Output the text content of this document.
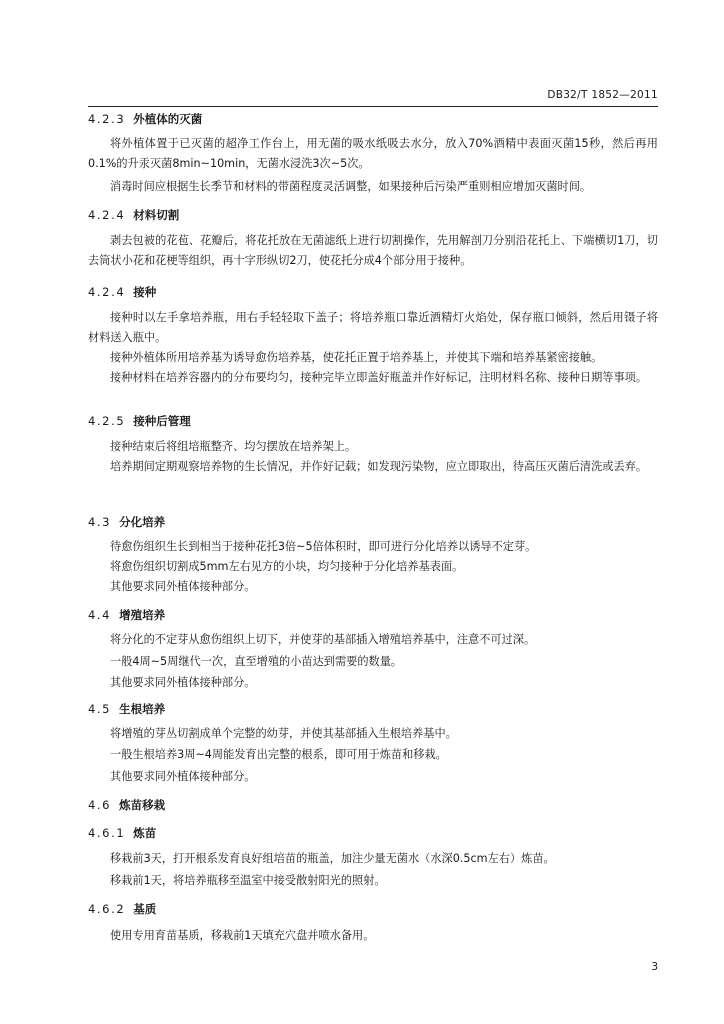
DB32/T 1852—2011
4.2.3 外植体的灭菌

将外植体置于已灭菌的超净工作台上，用无菌的吸水纸吸去水分，放入70%酒精中表面灭菌15秒，然后再用0.1%的升汞灭菌8min~10min，无菌水浸洗3次~5次。

消毒时间应根据生长季节和材料的带菌程度灵活调整，如果接种后污染严重则相应增加灭菌时间。

4.2.4 材料切割

剥去包被的花苞、花瓣后，将花托放在无菌滤纸上进行切割操作，先用解剖刀分别沿花托上、下端横切1刀，切去筒状小花和花梗等组织，再十字形纵切2刀，使花托分成4个部分用于接种。

4.2.4 接种

接种时以左手拿培养瓶，用右手轻轻取下盖子；将培养瓶口靠近酒精灯火焰处，保存瓶口倾斜，然后用镊子将材料送入瓶中。

接种外植体所用培养基为诱导愈伤培养基，使花托正置于培养基上，并使其下端和培养基紧密接触。

接种材料在培养容器内的分布要均匀，接种完毕立即盖好瓶盖并作好标记，注明材料名称、接种日期等事项。

4.2.5 接种后管理

接种结束后将组培瓶整齐、均匀摆放在培养架上。

培养期间定期观察培养物的生长情况，并作好记载；如发现污染物，应立即取出，待高压灭菌后清洗或丢弃。

4.3 分化培养

待愈伤组织生长到相当于接种花托3倍~5倍体积时，即可进行分化培养以诱导不定芽。

将愈伤组织切割成5mm左右见方的小块，均匀接种于分化培养基表面。

其他要求同外植体接种部分。

4.4 增殖培养

将分化的不定芽从愈伤组织上切下，并使芽的基部插入增殖培养基中，注意不可过深。

一般4周~5周继代一次，直至增殖的小苗达到需要的数量。

其他要求同外植体接种部分。

4.5 生根培养

将增殖的芽丛切割成单个完整的幼芽，并使其基部插入生根培养基中。

一般生根培养3周~4周能发育出完整的根系，即可用于炼苗和移栽。

其他要求同外植体接种部分。

4.6 炼苗移栽
4.6.1 炼苗

移栽前3天，打开根系发育良好组培苗的瓶盖，加注少量无菌水（水深0.5cm左右）炼苗。

移栽前1天，将培养瓶移至温室中接受散射阳光的照射。

4.6.2 基质

使用专用育苗基质，移栽前1天填充穴盘并喷水备用。

3
